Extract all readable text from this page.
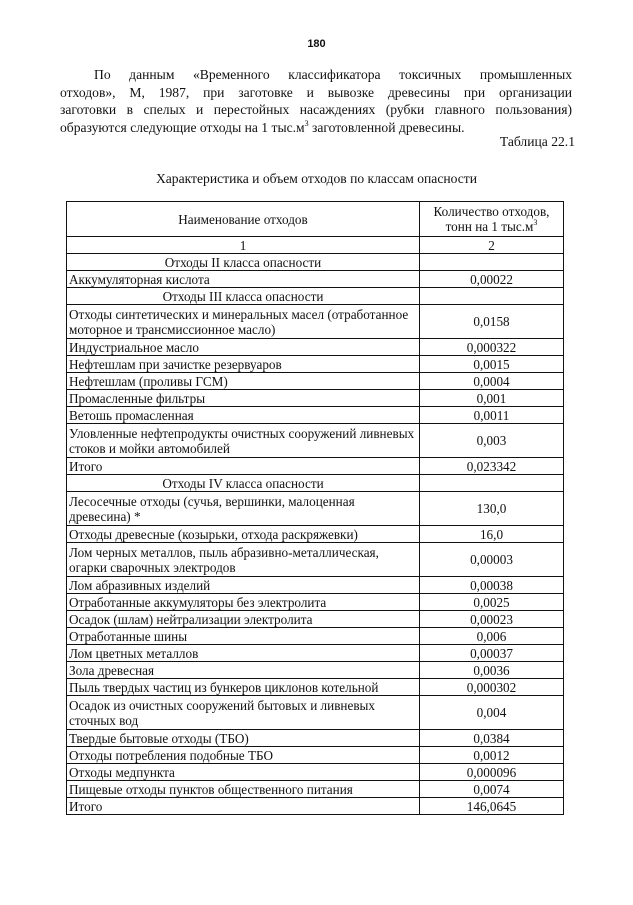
180
По данным «Временного классификатора токсичных промышленных
отходов», М, 1987, при заготовке и вывозке древесины при организации
заготовки в спелых и перестойных насаждениях (рубки главного пользования)
образуются следующие отходы на 1 $тыс.м^3$ заготовленной древесины.
Таблица 22.1
Характеристика и объем отходов по классам опасности
Наименование отходов	Количество отходов,
тонн на 1 $тыс.м^3$
1	2
Отходы II класса опасности	
Аккумуляторная кислота	0,00022
Отходы III класса опасности	
Отходы синтетических и минеральных масел (отработанное моторное и трансмиссионное масло)	0,0158
Индустриальное масло	0,000322
Нефтешлам при зачистке резервуаров	0,0015
Нефтешлам (проливы ГСМ)	0,0004
Промасленные фильтры	0,001
Ветошь промасленная	0,0011
Уловленные нефтепродукты очистных сооружений ливневых стоков и мойки автомобилей	0,003
Итого	0,023342
Отходы IV класса опасности	
Лесосечные отходы (сучья, вершинки, малоценная древесина) *	130,0
Отходы древесные (козырьки, отхода раскряжевки)	16,0
Лом черных металлов, пыль абразивно-металлическая, огарки сварочных электродов	0,00003
Лом абразивных изделий	0,00038
Отработанные аккумуляторы без электролита	0,0025
Осадок (шлам) нейтрализации электролита	0,00023
Отработанные шины	0,006
Лом цветных металлов	0,00037
Зола древесная	0,0036
Пыль твердых частиц из бункеров циклонов котельной	0,000302
Осадок из очистных сооружений бытовых и ливневых сточных вод	0,004
Твердые бытовые отходы (ТБО)	0,0384
Отходы потребления подобные ТБО	0,0012
Отходы медпункта	0,000096
Пищевые отходы пунктов общественного питания	0,0074
Итого	146,0645
